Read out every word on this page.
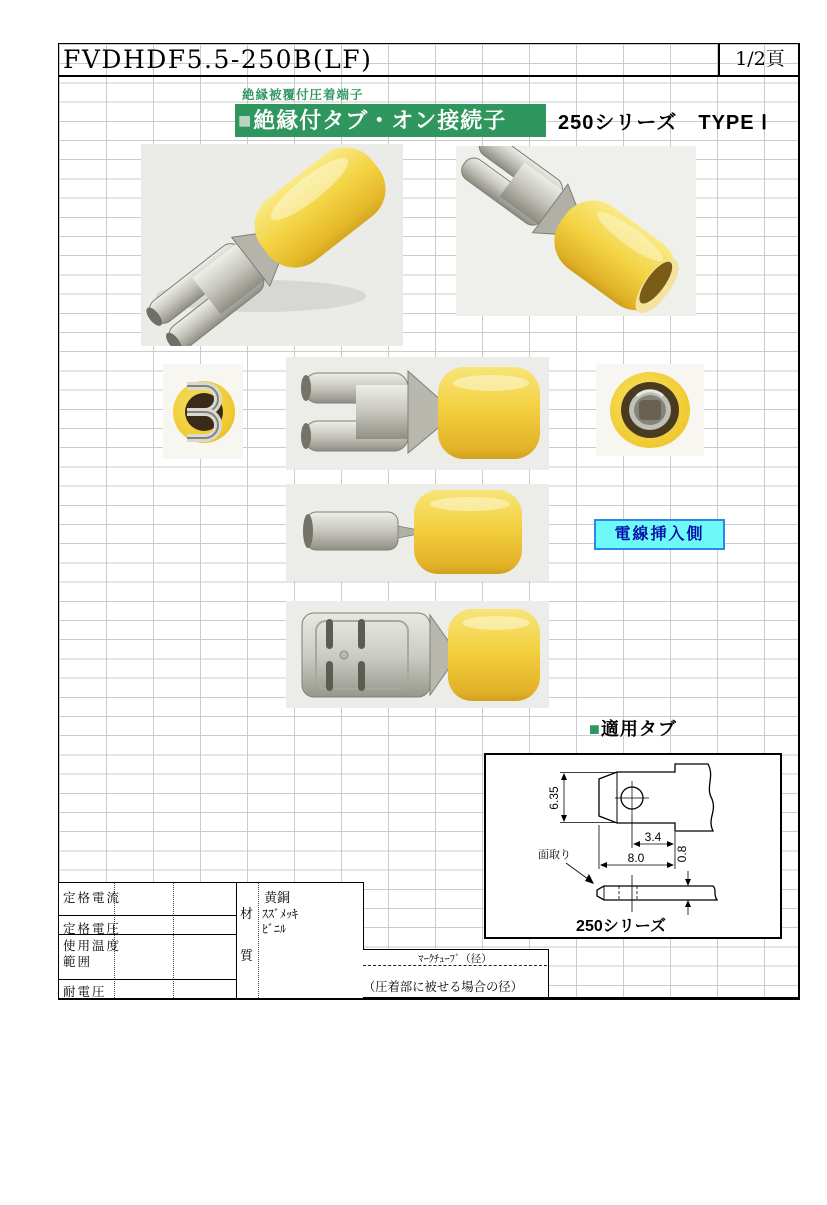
FVDHDF5.5-250B(LF)	1/2頁
絶縁被覆付圧着端子
■絶縁付タブ・オン接続子	250シリーズ　TYPE Ⅰ
電線挿入側
■適用タブ
6.35
3.4
8.0	0.8
面取り
250シリーズ
定格電流
定格電圧
使用温度
範囲
耐電圧
材
質
黄銅
ｽｽﾞﾒｯｷ
ﾋﾞﾆﾙ
ﾏｰｸﾁｭｰﾌﾞ（径）
（圧着部に被せる場合の径）
